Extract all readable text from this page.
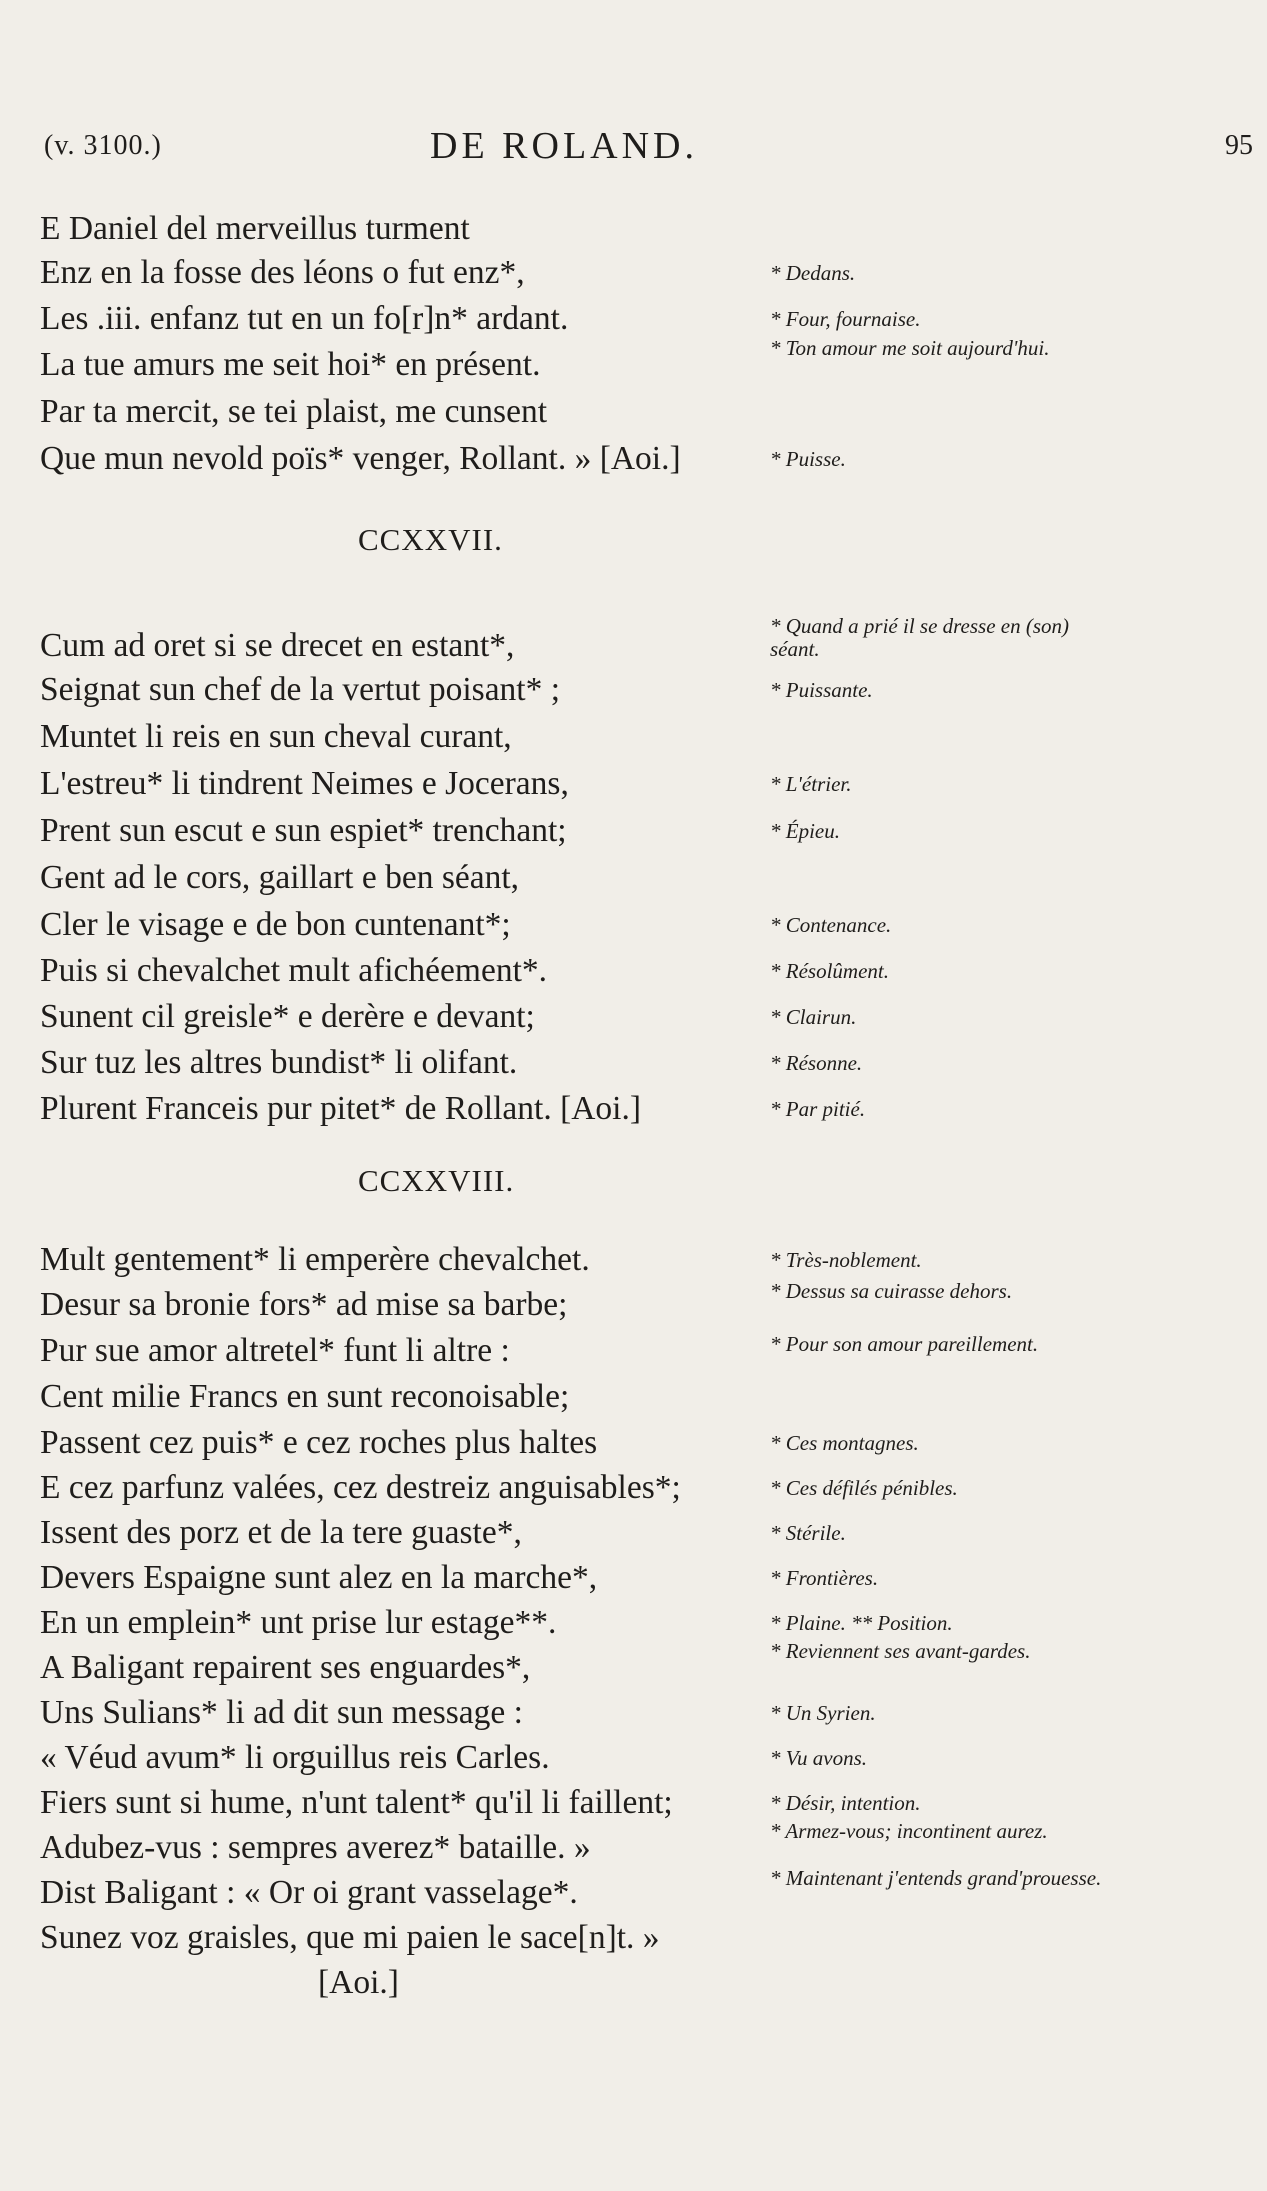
(v. 3100.)	DE ROLAND.	95
E Daniel del merveillus turment
Enz en la fosse des léons o fut enz*,	* Dedans.
Les .iii. enfanz tut en un fo[r]n* ardant.	* Four, fournaise.
La tue amurs me seit hoi* en présent.	* Ton amour me soit aujourd'hui.
Par ta mercit, se tei plaist, me cunsent
Que mun nevold poïs* venger, Rollant. » [Aoi.]	* Puisse.
CCXXVII.
Cum ad oret si se drecet en estant*,
* Quand a prié il se dresse en (son) séant.
Seignat sun chef de la vertut poisant* ;	* Puissante.
Muntet li reis en sun cheval curant,
L'estreu* li tindrent Neimes e Jocerans,	* L'étrier.
Prent sun escut e sun espiet* trenchant;	* Épieu.
Gent ad le cors, gaillart e ben séant,
Cler le visage e de bon cuntenant*;	* Contenance.
Puis si chevalchet mult afichéement*.	* Résolûment.
Sunent cil greisle* e derère e devant;	* Clairun.
Sur tuz les altres bundist* li olifant.	* Résonne.
Plurent Franceis pur pitet* de Rollant. [Aoi.]	* Par pitié.
CCXXVIII.
Mult gentement* li emperère chevalchet.	* Très-noblement.
Desur sa bronie fors* ad mise sa barbe;	* Dessus sa cuirasse dehors.
Pur sue amor altretel* funt li altre :	* Pour son amour pareillement.
Cent milie Francs en sunt reconoisable;
Passent cez puis* e cez roches plus haltes	* Ces montagnes.
E cez parfunz valées, cez destreiz anguisables*;	* Ces défilés pénibles.
Issent des porz et de la tere guaste*,	* Stérile.
Devers Espaigne sunt alez en la marche*,	* Frontières.
En un emplein* unt prise lur estage**.	* Plaine. ** Position.
A Baligant repairent ses enguardes*,	* Reviennent ses avant-gardes.
Uns Sulians* li ad dit sun message :	* Un Syrien.
« Véud avum* li orguillus reis Carles.	* Vu avons.
Fiers sunt si hume, n'unt talent* qu'il li faillent;	* Désir, intention.
Adubez-vus : sempres averez* bataille. »	* Armez-vous; incontinent aurez.
Dist Baligant : « Or oi grant vasselage*.	* Maintenant j'entends grand'prouesse.
Sunez voz graisles, que mi paien le sace[n]t. »
[Aoi.]
